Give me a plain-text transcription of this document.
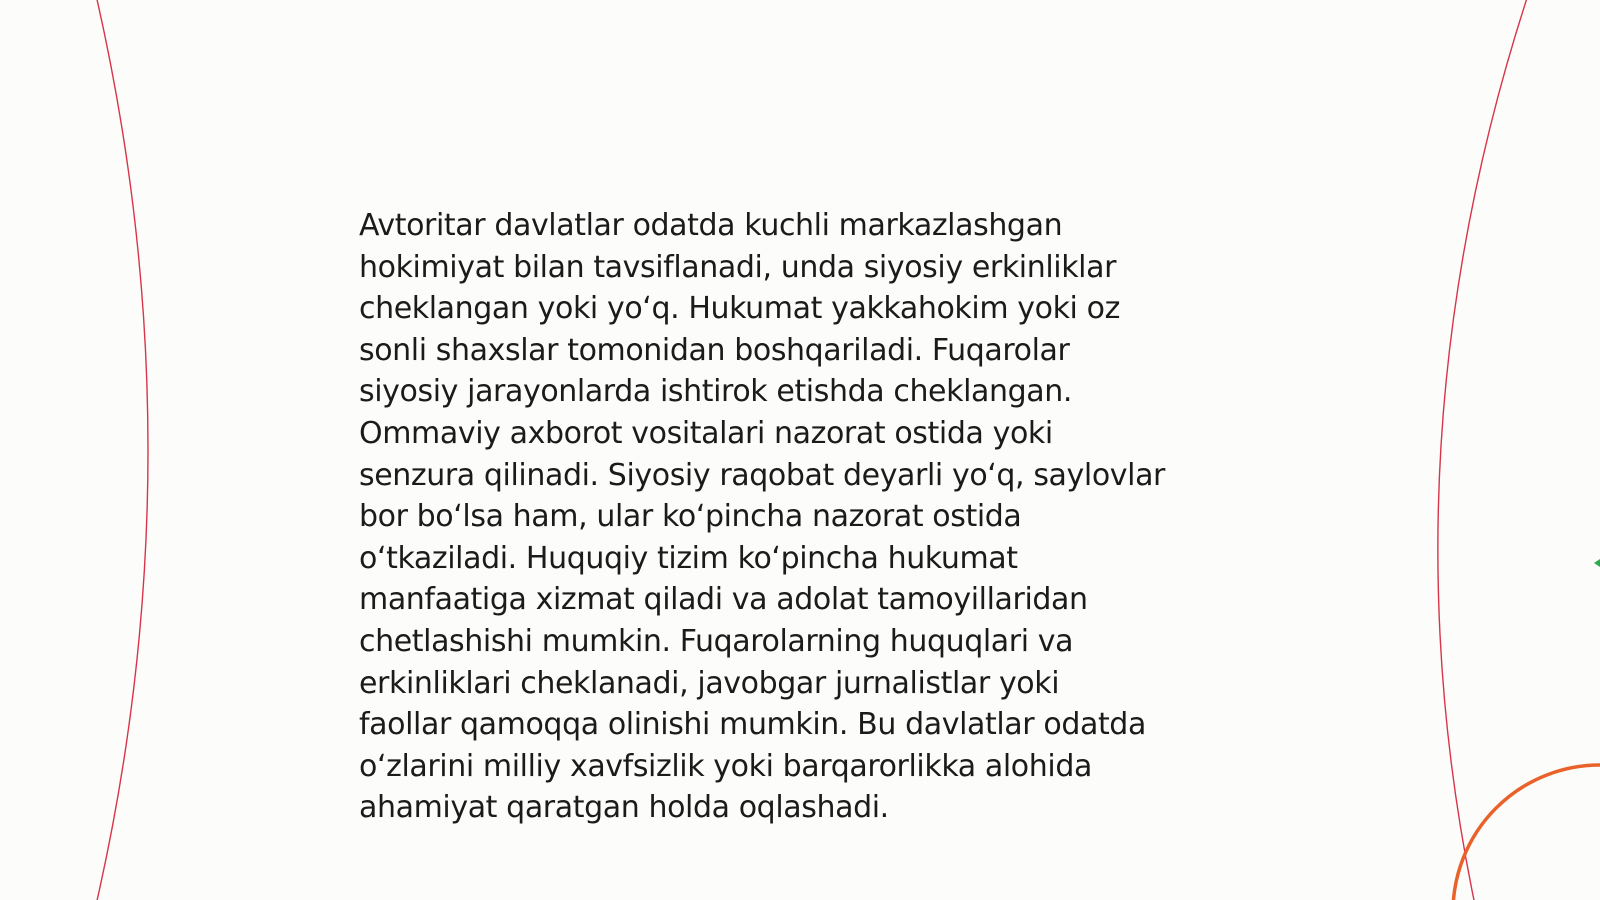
Avtoritar davlatlar odatda kuchli markazlashgan
hokimiyat bilan tavsiflanadi, unda siyosiy erkinliklar
cheklangan yoki yoʻq. Hukumat yakkahokim yoki oz
sonli shaxslar tomonidan boshqariladi. Fuqarolar
siyosiy jarayonlarda ishtirok etishda cheklangan.
Ommaviy axborot vositalari nazorat ostida yoki
senzura qilinadi. Siyosiy raqobat deyarli yoʻq, saylovlar
bor boʻlsa ham, ular koʻpincha nazorat ostida
oʻtkaziladi. Huquqiy tizim koʻpincha hukumat
manfaatiga xizmat qiladi va adolat tamoyillaridan
chetlashishi mumkin. Fuqarolarning huquqlari va
erkinliklari cheklanadi, javobgar jurnalistlar yoki
faollar qamoqqa olinishi mumkin. Bu davlatlar odatda
oʻzlarini milliy xavfsizlik yoki barqarorlikka alohida
ahamiyat qaratgan holda oqlashadi.
